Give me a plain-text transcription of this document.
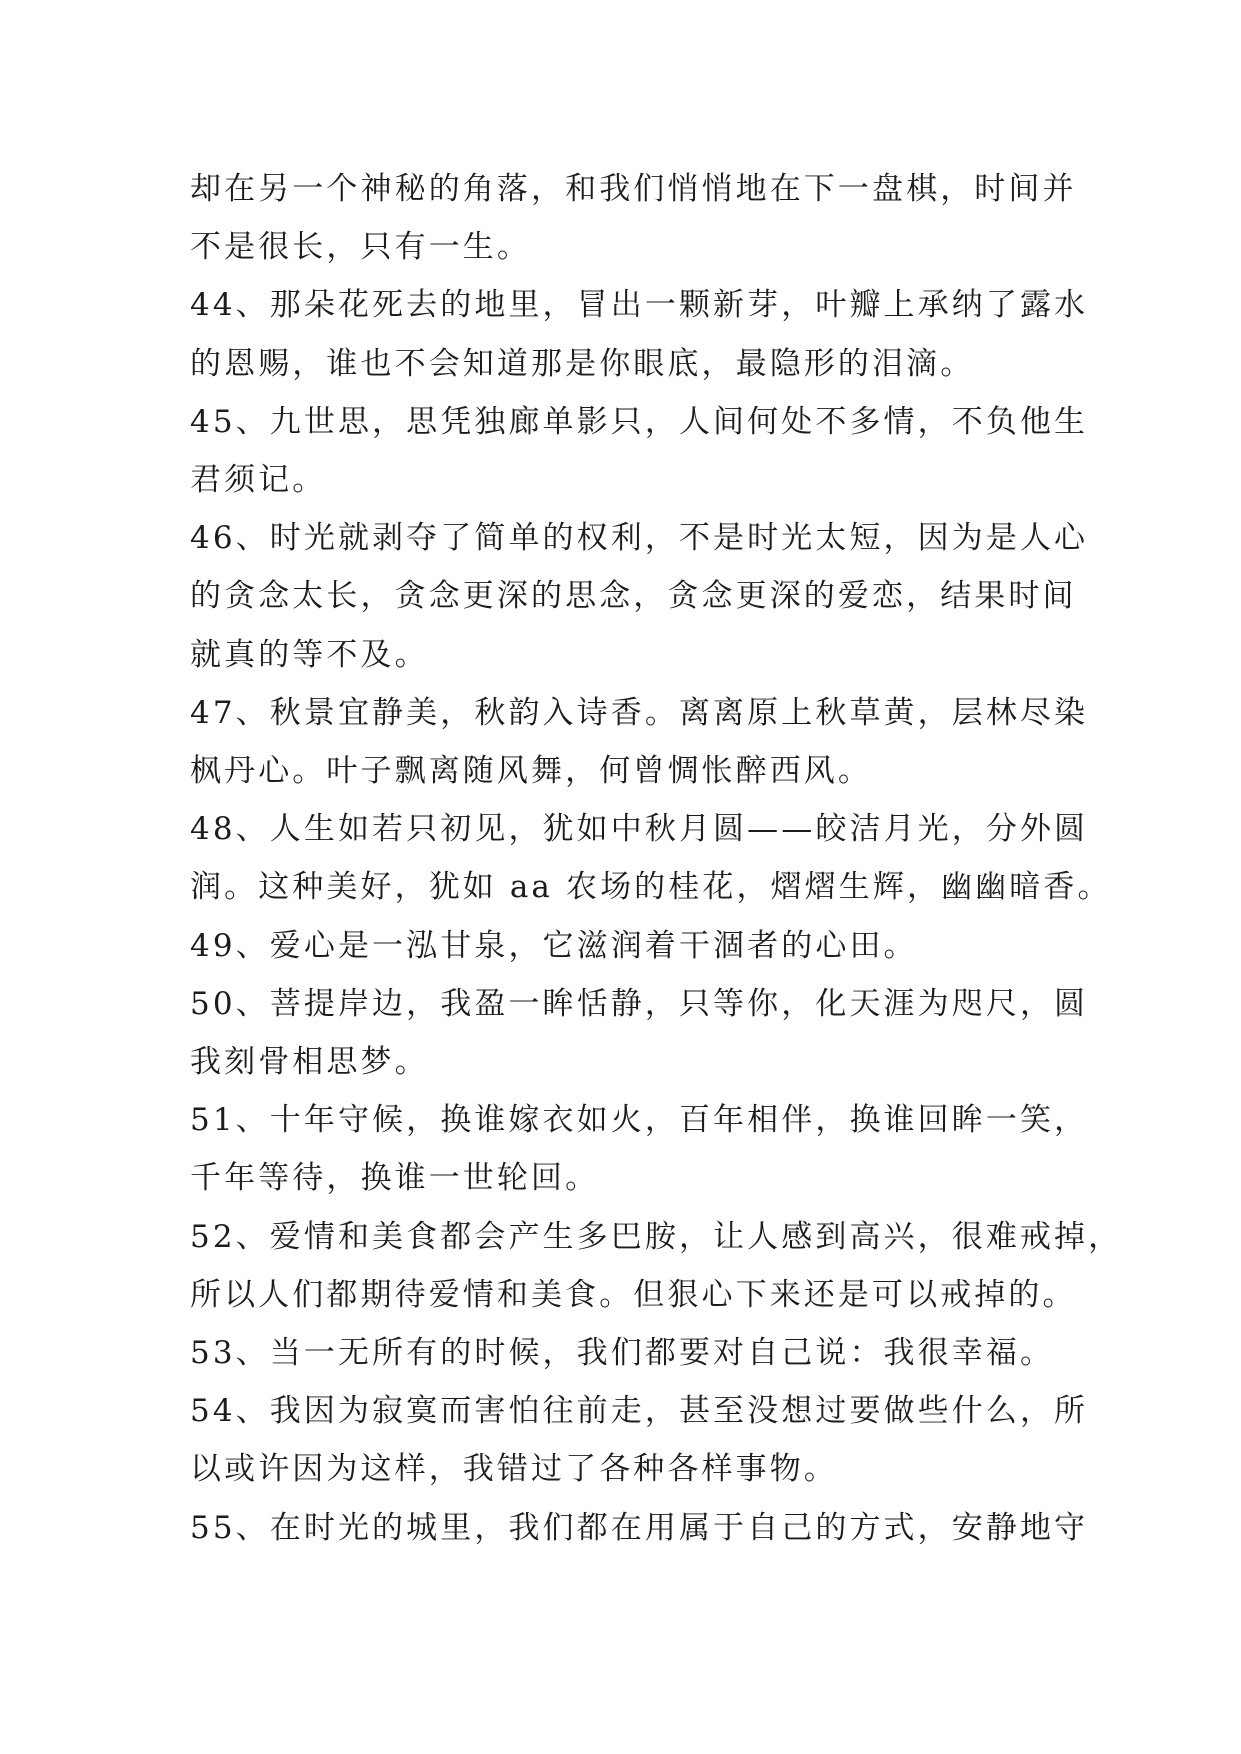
却在另一个神秘的角落，和我们悄悄地在下一盘棋，时间并
不是很长，只有一生。

44、那朵花死去的地里，冒出一颗新芽，叶瓣上承纳了露水
的恩赐，谁也不会知道那是你眼底，最隐形的泪滴。

45、九世思，思凭独廊单影只，人间何处不多情，不负他生
君须记。

46、时光就剥夺了简单的权利，不是时光太短，因为是人心
的贪念太长，贪念更深的思念，贪念更深的爱恋，结果时间
就真的等不及。

47、秋景宜静美，秋韵入诗香。离离原上秋草黄，层林尽染
枫丹心。叶子飘离随风舞，何曾惆怅醉西风。

48、人生如若只初见，犹如中秋月圆——皎洁月光，分外圆
润。这种美好，犹如 aa 农场的桂花，熠熠生辉，幽幽暗香。

49、爱心是一泓甘泉，它滋润着干涸者的心田。

50、菩提岸边，我盈一眸恬静，只等你，化天涯为咫尺，圆
我刻骨相思梦。

51、十年守候，换谁嫁衣如火，百年相伴，换谁回眸一笑，
千年等待，换谁一世轮回。

52、爱情和美食都会产生多巴胺，让人感到高兴，很难戒掉，
所以人们都期待爱情和美食。但狠心下来还是可以戒掉的。

53、当一无所有的时候，我们都要对自己说：我很幸福。

54、我因为寂寞而害怕往前走，甚至没想过要做些什么，所
以或许因为这样，我错过了各种各样事物。

55、在时光的城里，我们都在用属于自己的方式，安静地守
